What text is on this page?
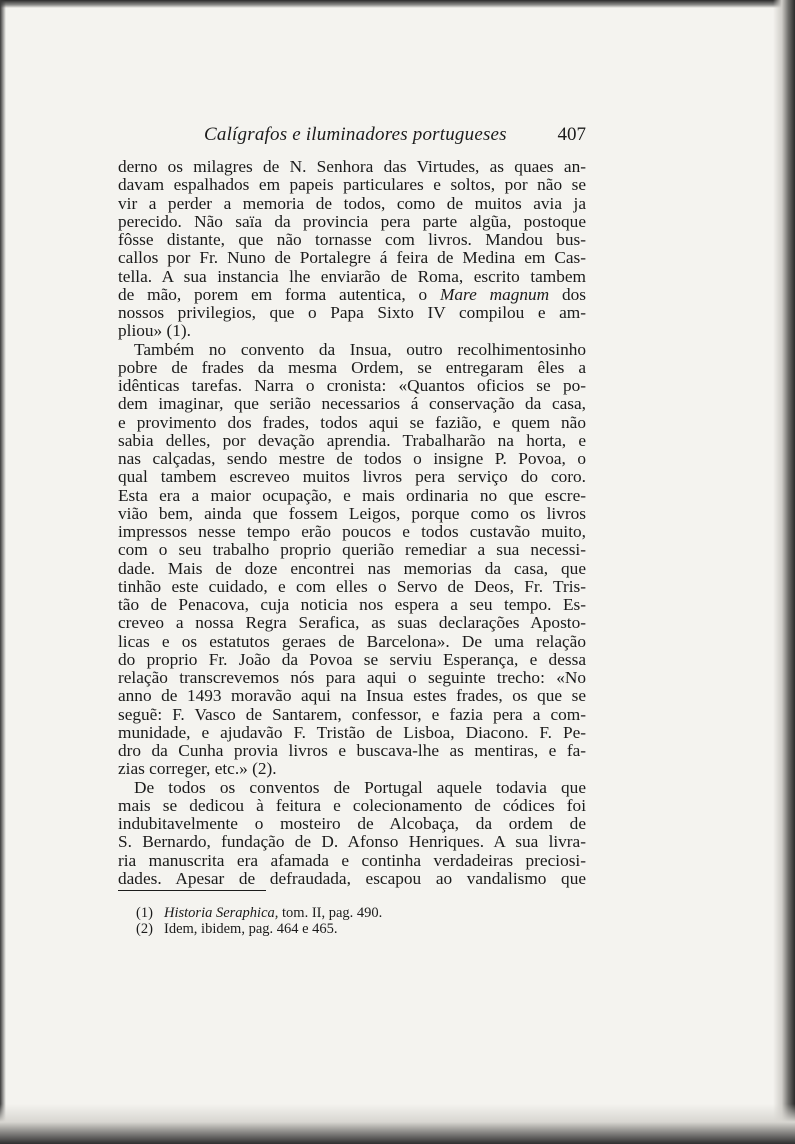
Calígrafos e iluminadores portugueses	407
derno os milagres de N. Senhora das Virtudes, as quaes an-
davam espalhados em papeis particulares e soltos, por não se
vir a perder a memoria de todos, como de muitos avia ja
perecido. Não saïa da provincia pera parte algũa, postoque
fôsse distante, que não tornasse com livros. Mandou bus-
callos por Fr. Nuno de Portalegre á feira de Medina em Cas-
tella. A sua instancia lhe enviarão de Roma, escrito tambem
de mão, porem em forma autentica, o Mare magnum dos
nossos privilegios, que o Papa Sixto IV compilou e am-
pliou» (1).
Também no convento da Insua, outro recolhimentosinho
pobre de frades da mesma Ordem, se entregaram êles a
idênticas tarefas. Narra o cronista: «Quantos oficios se po-
dem imaginar, que serião necessarios á conservação da casa,
e provimento dos frades, todos aqui se fazião, e quem não
sabia delles, por devação aprendia. Trabalharão na horta, e
nas calçadas, sendo mestre de todos o insigne P. Povoa, o
qual tambem escreveo muitos livros pera serviço do coro.
Esta era a maior ocupação, e mais ordinaria no que escre-
vião bem, ainda que fossem Leigos, porque como os livros
impressos nesse tempo erão poucos e todos custavão muito,
com o seu trabalho proprio querião remediar a sua necessi-
dade. Mais de doze encontrei nas memorias da casa, que
tinhão este cuidado, e com elles o Servo de Deos, Fr. Tris-
tão de Penacova, cuja noticia nos espera a seu tempo. Es-
creveo a nossa Regra Serafica, as suas declarações Aposto-
licas e os estatutos geraes de Barcelona». De uma relação
do proprio Fr. João da Povoa se serviu Esperança, e dessa
relação transcrevemos nós para aqui o seguinte trecho: «No
anno de 1493 moravão aqui na Insua estes frades, os que se
seguẽ: F. Vasco de Santarem, confessor, e fazia pera a com-
munidade, e ajudavão F. Tristão de Lisboa, Diacono. F. Pe-
dro da Cunha provia livros e buscava-lhe as mentiras, e fa-
zias correger, etc.» (2).
De todos os conventos de Portugal aquele todavia que
mais se dedicou à feitura e colecionamento de códices foi
indubitavelmente o mosteiro de Alcobaça, da ordem de
S. Bernardo, fundação de D. Afonso Henriques. A sua livra-
ria manuscrita era afamada e continha verdadeiras preciosi-
dades. Apesar de defraudada, escapou ao vandalismo que
(1) Historia Seraphica, tom. II, pag. 490.
(2) Idem, ibidem, pag. 464 e 465.
